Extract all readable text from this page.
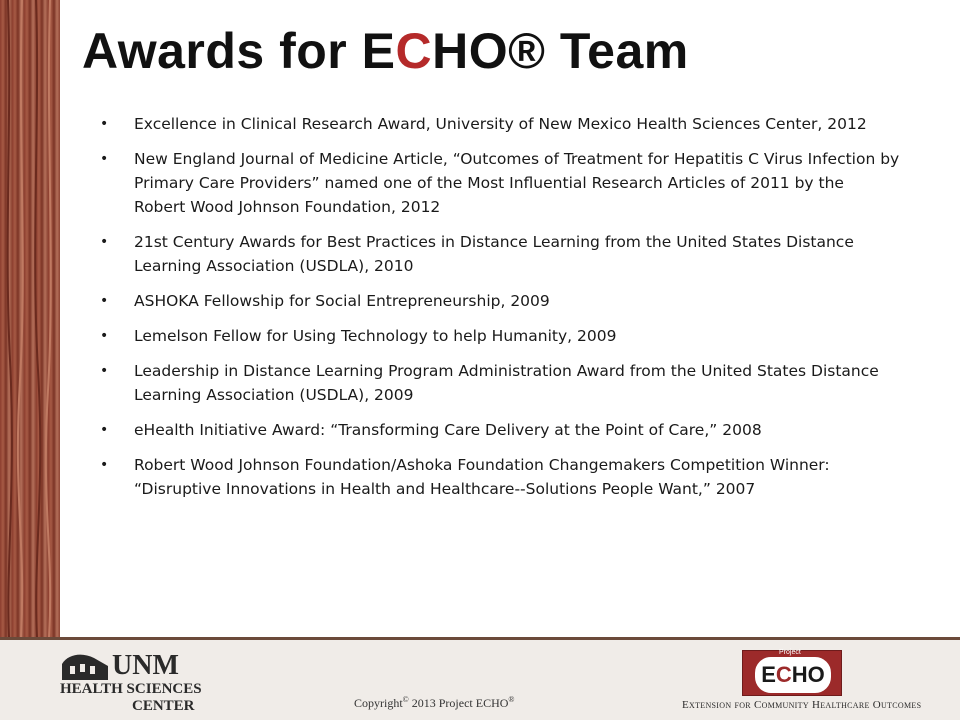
Awards for ECHO® Team
• Excellence in Clinical Research Award, University of New Mexico Health Sciences Center, 2012
• New England Journal of Medicine Article, “Outcomes of Treatment for Hepatitis C Virus Infection by Primary Care Providers” named one of the Most Influential Research Articles of 2011 by the Robert Wood Johnson Foundation, 2012
• 21st Century Awards for Best Practices in Distance Learning from the United States Distance Learning Association (USDLA), 2010
• ASHOKA Fellowship for Social Entrepreneurship, 2009
• Lemelson Fellow for Using Technology to help Humanity, 2009
• Leadership in Distance Learning Program Administration Award from the United States Distance Learning Association (USDLA), 2009
• eHealth Initiative Award: “Transforming Care Delivery at the Point of Care,” 2008
• Robert Wood Johnson Foundation/Ashoka Foundation Changemakers Competition Winner: “Disruptive Innovations in Health and Healthcare--Solutions People Want,” 2007
UNM
HEALTH SCIENCES
CENTER	Copyright© 2013 Project ECHO®
Project
ECHO
Extension for Community Healthcare Outcomes
